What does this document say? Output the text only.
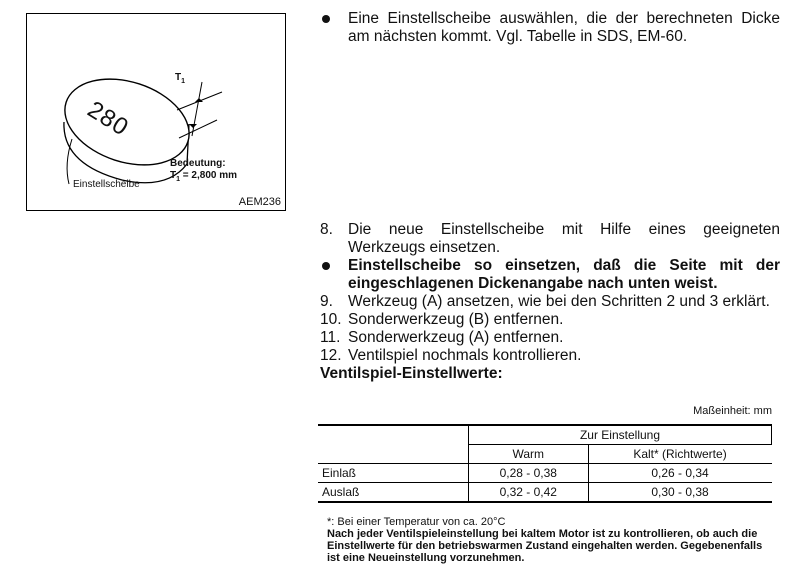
280
$T_1$
Bedeutung:
$T_1 = 2,800$ mm
Einstellscheibe
AEM236
Eine Einstellscheibe auswählen, die der berechneten Dicke am nächsten kommt. Vgl. Tabelle in SDS, EM-60.
8. Die neue Einstellscheibe mit Hilfe eines geeigneten Werkzeugs einsetzen.
Einstellscheibe so einsetzen, daß die Seite mit der eingeschlagenen Dickenangabe nach unten weist.
9. Werkzeug (A) ansetzen, wie bei den Schritten 2 und 3 erklärt.
10. Sonderwerkzeug (B) entfernen.
11. Sonderwerkzeug (A) entfernen.
12. Ventilspiel nochmals kontrollieren.
Ventilspiel-Einstellwerte:
Maßeinheit: mm
	Zur Einstellung	
	Warm	Kalt* (Richtwerte)
Einlaß	0,28 - 0,38	0,26 - 0,34
Auslaß	0,32 - 0,42	0,30 - 0,38
*: Bei einer Temperatur von ca. 20°C
Nach jeder Ventilspieleinstellung bei kaltem Motor ist zu kontrollieren, ob auch die Einstellwerte für den betriebswarmen Zustand eingehalten werden. Gegebenenfalls ist eine Neueinstellung vorzunehmen.
